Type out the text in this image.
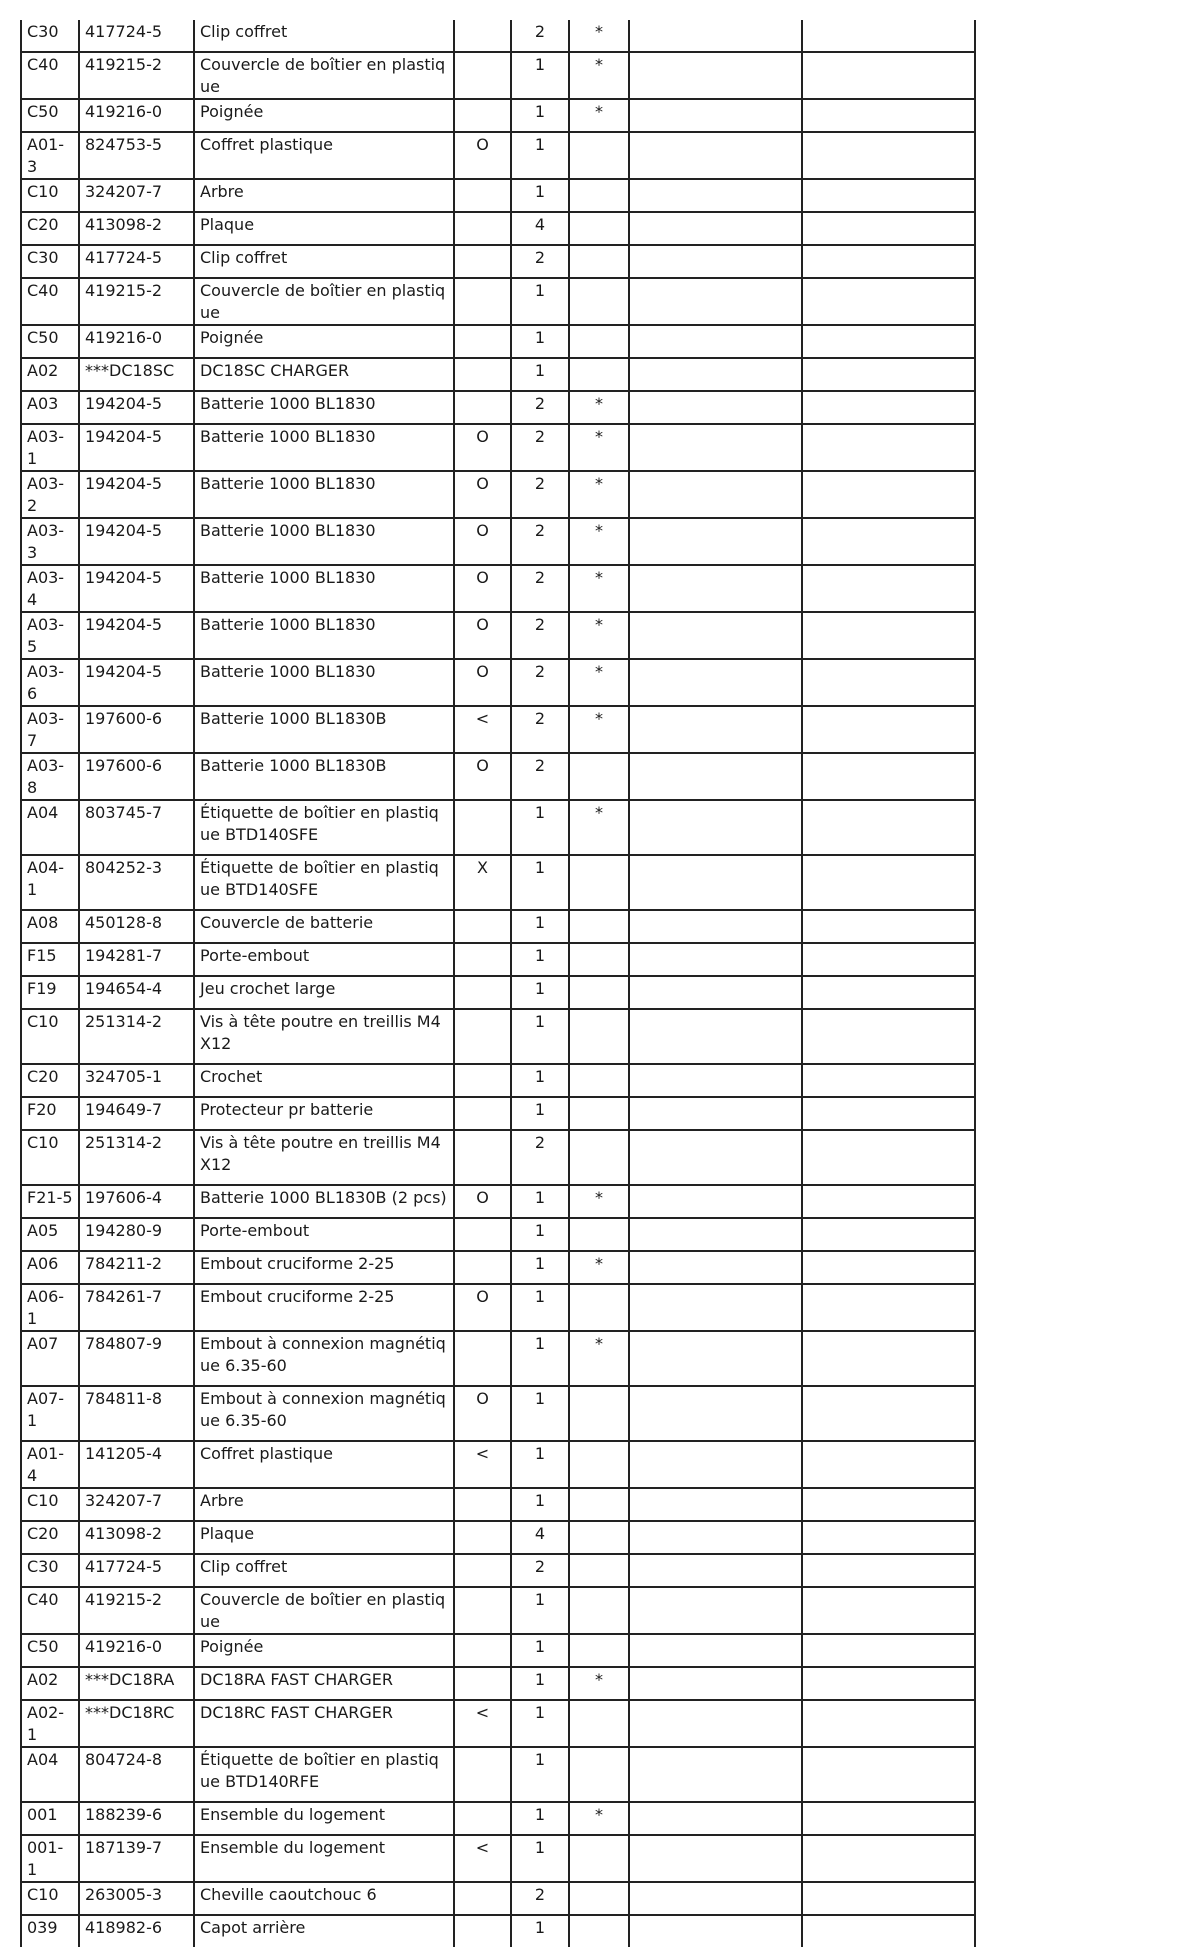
C30	417724-5	Clip coffret		2	*		
C40	419215-2	Couvercle de boîtier en plastique		1	*		
C50	419216-0	Poignée		1	*		
A01-3	824753-5	Coffret plastique	O	1			
C10	324207-7	Arbre		1			
C20	413098-2	Plaque		4			
C30	417724-5	Clip coffret		2			
C40	419215-2	Couvercle de boîtier en plastique		1			
C50	419216-0	Poignée		1			
A02	***DC18SC	DC18SC CHARGER		1			
A03	194204-5	Batterie 1000 BL1830		2	*		
A03-1	194204-5	Batterie 1000 BL1830	O	2	*		
A03-2	194204-5	Batterie 1000 BL1830	O	2	*		
A03-3	194204-5	Batterie 1000 BL1830	O	2	*		
A03-4	194204-5	Batterie 1000 BL1830	O	2	*		
A03-5	194204-5	Batterie 1000 BL1830	O	2	*		
A03-6	194204-5	Batterie 1000 BL1830	O	2	*		
A03-7	197600-6	Batterie 1000 BL1830B	<	2	*		
A03-8	197600-6	Batterie 1000 BL1830B	O	2			
A04	803745-7	Étiquette de boîtier en plastique BTD140SFE		1	*		
A04-1	804252-3	Étiquette de boîtier en plastique BTD140SFE	X	1			
A08	450128-8	Couvercle de batterie		1			
F15	194281-7	Porte-embout		1			
F19	194654-4	Jeu crochet large		1			
C10	251314-2	Vis à tête poutre en treillis M4X12		1			
C20	324705-1	Crochet		1			
F20	194649-7	Protecteur pr batterie		1			
C10	251314-2	Vis à tête poutre en treillis M4X12		2			
F21-5	197606-4	Batterie 1000 BL1830B (2 pcs)	O	1	*		
A05	194280-9	Porte-embout		1			
A06	784211-2	Embout cruciforme 2-25		1	*		
A06-1	784261-7	Embout cruciforme 2-25	O	1			
A07	784807-9	Embout à connexion magnétique 6.35-60		1	*		
A07-1	784811-8	Embout à connexion magnétique 6.35-60	O	1			
A01-4	141205-4	Coffret plastique	<	1			
C10	324207-7	Arbre		1			
C20	413098-2	Plaque		4			
C30	417724-5	Clip coffret		2			
C40	419215-2	Couvercle de boîtier en plastique		1			
C50	419216-0	Poignée		1			
A02	***DC18RA	DC18RA FAST CHARGER		1	*		
A02-1	***DC18RC	DC18RC FAST CHARGER	<	1			
A04	804724-8	Étiquette de boîtier en plastique BTD140RFE		1			
001	188239-6	Ensemble du logement		1	*		
001-1	187139-7	Ensemble du logement	<	1			
C10	263005-3	Cheville caoutchouc 6		2			
039	418982-6	Capot arrière		1			
